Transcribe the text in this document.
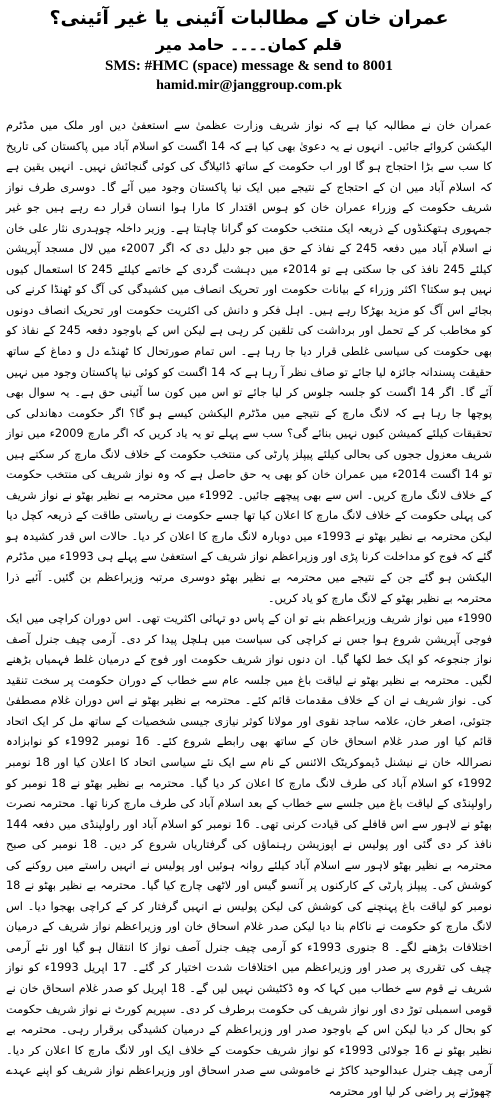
عمران خان کے مطالبات آئینی یا غیر آئینی؟
قلم کمان۔۔۔۔ حامد میر
SMS: #HMC (space) message & send to 8001
hamid.mir@janggroup.com.pk

عمران خان نے مطالبہ کیا ہے کہ نواز شریف وزارت عظمیٰ سے استعفیٰ دیں اور ملک میں مڈٹرم الیکشن کروائے جائیں۔ انہوں نے یہ دعویٰ بھی کیا ہے کہ 14 اگست کو اسلام آباد میں پاکستان کی تاریخ کا سب سے بڑا احتجاج ہو گا اور اب حکومت کے ساتھ ڈائیلاگ کی کوئی گنجائش نہیں۔ انہیں یقین ہے کہ اسلام آباد میں ان کے احتجاج کے نتیجے میں ایک نیا پاکستان وجود میں آئے گا۔ دوسری طرف نواز شریف حکومت کے وزراء عمران خان کو ہوس اقتدار کا مارا ہوا انسان قرار دے رہے ہیں جو غیر جمہوری ہتھکنڈوں کے ذریعہ ایک منتخب حکومت کو گرانا چاہتا ہے۔ وزیر داخلہ چوہدری نثار علی خان نے اسلام آباد میں دفعہ 245 کے نفاذ کے حق میں جو دلیل دی کہ اگر 2007ء میں لال مسجد آپریشن کیلئے 245 نافذ کی جا سکتی ہے تو 2014ء میں دہشت گردی کے خاتمے کیلئے 245 کا استعمال کیوں نہیں ہو سکتا؟ اکثر وزراء کے بیانات حکومت اور تحریک انصاف میں کشیدگی کی آگ کو ٹھنڈا کرنے کی بجائے اس آگ کو مزید بھڑکا رہے ہیں۔ اہل فکر و دانش کی اکثریت حکومت اور تحریک انصاف دونوں کو مخاطب کر کے تحمل اور برداشت کی تلقین کر رہی ہے لیکن اس کے باوجود دفعہ 245 کے نفاذ کو بھی حکومت کی سیاسی غلطی قرار دیا جا رہا ہے۔ اس تمام صورتحال کا ٹھنڈے دل و دماغ کے ساتھ حقیقت پسندانہ جائزہ لیا جائے تو صاف نظر آ رہا ہے کہ 14 اگست کو کوئی نیا پاکستان وجود میں نہیں آئے گا۔ اگر 14 اگست کو جلسہ جلوس کر لیا جائے تو اس میں کون سا آئینی حق ہے۔ یہ سوال بھی پوچھا جا رہا ہے کہ لانگ مارچ کے نتیجے میں مڈٹرم الیکشن کیسے ہو گا؟ اگر حکومت دھاندلی کی تحقیقات کیلئے کمیشن کیوں نہیں بنائے گی؟ سب سے پہلے تو یہ یاد کریں کہ اگر مارچ 2009ء میں نواز شریف معزول ججوں کی بحالی کیلئے پیپلز پارٹی کی منتخب حکومت کے خلاف لانگ مارچ کر سکتے ہیں تو 14 اگست 2014ء میں عمران خان کو بھی یہ حق حاصل ہے کہ وہ نواز شریف کی منتخب حکومت کے خلاف لانگ مارچ کریں۔ اس سے بھی پیچھے جائیں۔ 1992ء میں محترمہ بے نظیر بھٹو نے نواز شریف کی پہلی حکومت کے خلاف لانگ مارچ کا اعلان کیا تھا جسے حکومت نے ریاستی طاقت کے ذریعہ کچل دیا لیکن محترمہ بے نظیر بھٹو نے 1993ء میں دوبارہ لانگ مارچ کا اعلان کر دیا۔ حالات اس قدر کشیدہ ہو گئے کہ فوج کو مداخلت کرنا پڑی اور وزیراعظم نواز شریف کے استعفیٰ سے پہلے ہی 1993ء میں مڈٹرم الیکشن ہو گئے جن کے نتیجے میں محترمہ بے نظیر بھٹو دوسری مرتبہ وزیراعظم بن گئیں۔ آئیے ذرا محترمہ بے نظیر بھٹو کے لانگ مارچ کو یاد کریں۔

1990ء میں نواز شریف وزیراعظم بنے تو ان کے پاس دو تہائی اکثریت تھی۔ اس دوران کراچی میں ایک فوجی آپریشن شروع ہوا جس نے کراچی کی سیاست میں ہلچل پیدا کر دی۔ آرمی چیف جنرل آصف نواز جنجوعہ کو ایک خط لکھا گیا۔ ان دنوں نواز شریف حکومت اور فوج کے درمیان غلط فہمیاں بڑھنے لگیں۔ محترمہ بے نظیر بھٹو نے لیاقت باغ میں جلسہ عام سے خطاب کے دوران حکومت پر سخت تنقید کی۔ نواز شریف نے ان کے خلاف مقدمات قائم کئے۔ محترمہ بے نظیر بھٹو نے اس دوران غلام مصطفیٰ جتوئی، اصغر خان، علامہ ساجد نقوی اور مولانا کوثر نیازی جیسی شخصیات کے ساتھ مل کر ایک اتحاد قائم کیا اور صدر غلام اسحاق خان کے ساتھ بھی رابطے شروع کئے۔ 16 نومبر 1992ء کو نوابزادہ نصراللہ خان نے نیشنل ڈیموکریٹک الائنس کے نام سے ایک نئے سیاسی اتحاد کا اعلان کیا اور 18 نومبر 1992ء کو اسلام آباد کی طرف لانگ مارچ کا اعلان کر دیا گیا۔ محترمہ بے نظیر بھٹو نے 18 نومبر کو راولپنڈی کے لیاقت باغ میں جلسے سے خطاب کے بعد اسلام آباد کی طرف مارچ کرنا تھا۔ محترمہ نصرت بھٹو نے لاہور سے اس قافلے کی قیادت کرنی تھی۔ 16 نومبر کو اسلام آباد اور راولپنڈی میں دفعہ 144 نافذ کر دی گئی اور پولیس نے اپوزیشن رہنماؤں کی گرفتاریاں شروع کر دیں۔ 18 نومبر کی صبح محترمہ بے نظیر بھٹو لاہور سے اسلام آباد کیلئے روانہ ہوئیں اور پولیس نے انہیں راستے میں روکنے کی کوشش کی۔ پیپلز پارٹی کے کارکنوں پر آنسو گیس اور لاٹھی چارج کیا گیا۔ محترمہ بے نظیر بھٹو نے 18 نومبر کو لیاقت باغ پہنچنے کی کوشش کی لیکن پولیس نے انہیں گرفتار کر کے کراچی بھجوا دیا۔ اس لانگ مارچ کو حکومت نے ناکام بنا دیا لیکن صدر غلام اسحاق خان اور وزیراعظم نواز شریف کے درمیان اختلافات بڑھنے لگے۔ 8 جنوری 1993ء کو آرمی چیف جنرل آصف نواز کا انتقال ہو گیا اور نئے آرمی چیف کی تقرری پر صدر اور وزیراعظم میں اختلافات شدت اختیار کر گئے۔ 17 اپریل 1993ء کو نواز شریف نے قوم سے خطاب میں کہا کہ وہ ڈکٹیشن نہیں لیں گے۔ 18 اپریل کو صدر غلام اسحاق خان نے قومی اسمبلی توڑ دی اور نواز شریف کی حکومت برطرف کر دی۔ سپریم کورٹ نے نواز شریف حکومت کو بحال کر دیا لیکن اس کے باوجود صدر اور وزیراعظم کے درمیان کشیدگی برقرار رہی۔ محترمہ بے نظیر بھٹو نے 16 جولائی 1993ء کو نواز شریف حکومت کے خلاف ایک اور لانگ مارچ کا اعلان کر دیا۔ آرمی چیف جنرل عبدالوحید کاکڑ نے خاموشی سے صدر اسحاق اور وزیراعظم نواز شریف کو اپنے عہدے چھوڑنے پر راضی کر لیا اور محترمہ
